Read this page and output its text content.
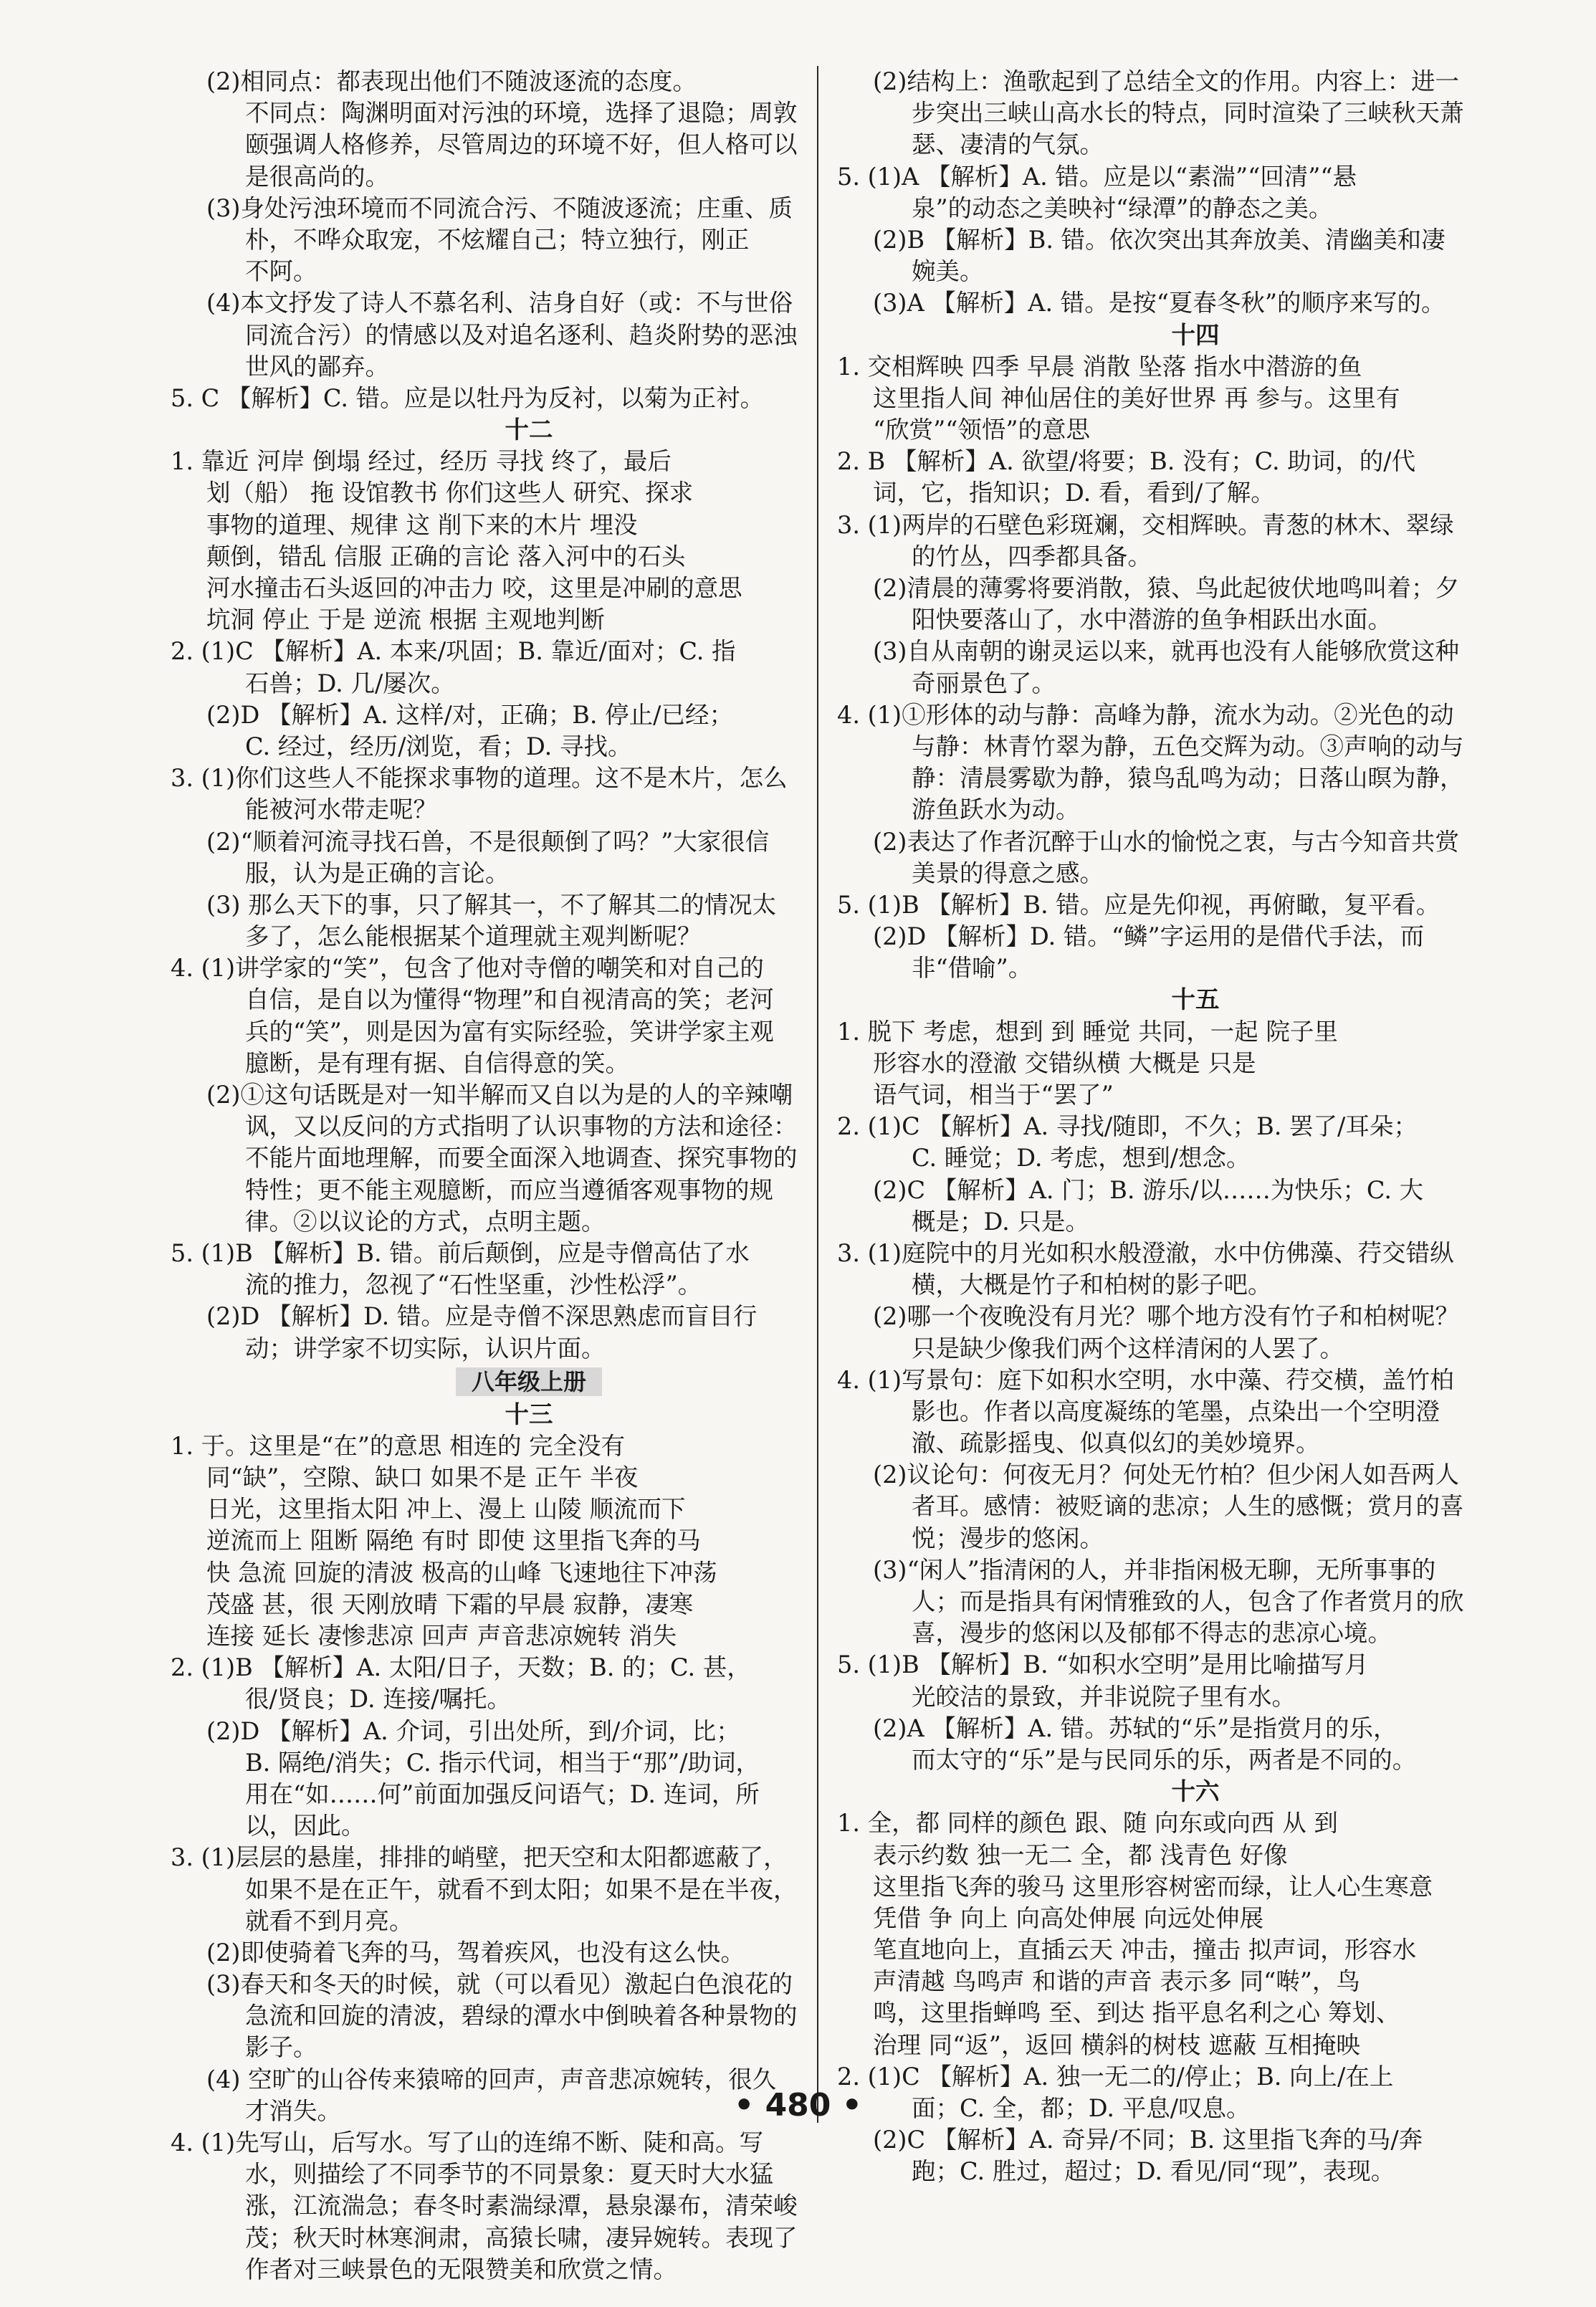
(2)相同点：都表现出他们不随波逐流的态度。
不同点：陶渊明面对污浊的环境，选择了退隐；周敦
颐强调人格修养，尽管周边的环境不好，但人格可以
是很高尚的。
(3)身处污浊环境而不同流合污、不随波逐流；庄重、质
朴，不哗众取宠，不炫耀自己；特立独行，刚正
不阿。
(4)本文抒发了诗人不慕名利、洁身自好（或：不与世俗
同流合污）的情感以及对追名逐利、趋炎附势的恶浊
世风的鄙弃。
5. C 【解析】C. 错。应是以牡丹为反衬，以菊为正衬。
十二
1. 靠近 河岸 倒塌 经过，经历 寻找 终了，最后
划（船） 拖 设馆教书 你们这些人 研究、探求
事物的道理、规律 这 削下来的木片 埋没
颠倒，错乱 信服 正确的言论 落入河中的石头
河水撞击石头返回的冲击力 咬，这里是冲刷的意思
坑洞 停止 于是 逆流 根据 主观地判断
2. (1)C 【解析】A. 本来/巩固；B. 靠近/面对；C. 指
石兽；D. 几/屡次。
(2)D 【解析】A. 这样/对，正确；B. 停止/已经；
C. 经过，经历/浏览，看；D. 寻找。
3. (1)你们这些人不能探求事物的道理。这不是木片，怎么
能被河水带走呢？
(2)“顺着河流寻找石兽，不是很颠倒了吗？”大家很信
服，认为是正确的言论。
(3) 那么天下的事，只了解其一，不了解其二的情况太
多了，怎么能根据某个道理就主观判断呢？
4. (1)讲学家的“笑”，包含了他对寺僧的嘲笑和对自己的
自信，是自以为懂得“物理”和自视清高的笑；老河
兵的“笑”，则是因为富有实际经验，笑讲学家主观
臆断，是有理有据、自信得意的笑。
(2)①这句话既是对一知半解而又自以为是的人的辛辣嘲
讽，又以反问的方式指明了认识事物的方法和途径：
不能片面地理解，而要全面深入地调查、探究事物的
特性；更不能主观臆断，而应当遵循客观事物的规
律。②以议论的方式，点明主题。
5. (1)B 【解析】B. 错。前后颠倒，应是寺僧高估了水
流的推力，忽视了“石性坚重，沙性松浮”。
(2)D 【解析】D. 错。应是寺僧不深思熟虑而盲目行
动；讲学家不切实际，认识片面。
八年级上册
十三
1. 于。这里是“在”的意思 相连的 完全没有
同“缺”，空隙、缺口 如果不是 正午 半夜
日光，这里指太阳 冲上、漫上 山陵 顺流而下
逆流而上 阻断 隔绝 有时 即使 这里指飞奔的马
快 急流 回旋的清波 极高的山峰 飞速地往下冲荡
茂盛 甚，很 天刚放晴 下霜的早晨 寂静，凄寒
连接 延长 凄惨悲凉 回声 声音悲凉婉转 消失
2. (1)B 【解析】A. 太阳/日子，天数；B. 的；C. 甚，
很/贤良；D. 连接/嘱托。
(2)D 【解析】A. 介词，引出处所，到/介词，比；
B. 隔绝/消失；C. 指示代词，相当于“那”/助词，
用在“如……何”前面加强反问语气；D. 连词，所
以，因此。
3. (1)层层的悬崖，排排的峭壁，把天空和太阳都遮蔽了，
如果不是在正午，就看不到太阳；如果不是在半夜，
就看不到月亮。
(2)即使骑着飞奔的马，驾着疾风，也没有这么快。
(3)春天和冬天的时候，就（可以看见）激起白色浪花的
急流和回旋的清波，碧绿的潭水中倒映着各种景物的
影子。
(4) 空旷的山谷传来猿啼的回声，声音悲凉婉转，很久
才消失。
4. (1)先写山，后写水。写了山的连绵不断、陡和高。写
水，则描绘了不同季节的不同景象：夏天时大水猛
涨，江流湍急；春冬时素湍绿潭，悬泉瀑布，清荣峻
茂；秋天时林寒涧肃，高猿长啸，凄异婉转。表现了
作者对三峡景色的无限赞美和欣赏之情。
(2)结构上：渔歌起到了总结全文的作用。内容上：进一
步突出三峡山高水长的特点，同时渲染了三峡秋天萧
瑟、凄清的气氛。
5. (1)A 【解析】A. 错。应是以“素湍”“回清”“悬
泉”的动态之美映衬“绿潭”的静态之美。
(2)B 【解析】B. 错。依次突出其奔放美、清幽美和凄
婉美。
(3)A 【解析】A. 错。是按“夏春冬秋”的顺序来写的。
十四
1. 交相辉映 四季 早晨 消散 坠落 指水中潜游的鱼
这里指人间 神仙居住的美好世界 再 参与。这里有
“欣赏”“领悟”的意思
2. B 【解析】A. 欲望/将要；B. 没有；C. 助词，的/代
词，它，指知识；D. 看，看到/了解。
3. (1)两岸的石壁色彩斑斓，交相辉映。青葱的林木、翠绿
的竹丛，四季都具备。
(2)清晨的薄雾将要消散，猿、鸟此起彼伏地鸣叫着；夕
阳快要落山了，水中潜游的鱼争相跃出水面。
(3)自从南朝的谢灵运以来，就再也没有人能够欣赏这种
奇丽景色了。
4. (1)①形体的动与静：高峰为静，流水为动。②光色的动
与静：林青竹翠为静，五色交辉为动。③声响的动与
静：清晨雾歇为静，猿鸟乱鸣为动；日落山暝为静，
游鱼跃水为动。
(2)表达了作者沉醉于山水的愉悦之衷，与古今知音共赏
美景的得意之感。
5. (1)B 【解析】B. 错。应是先仰视，再俯瞰，复平看。
(2)D 【解析】D. 错。“鳞”字运用的是借代手法，而
非“借喻”。
十五
1. 脱下 考虑，想到 到 睡觉 共同，一起 院子里
形容水的澄澈 交错纵横 大概是 只是
语气词，相当于“罢了”
2. (1)C 【解析】A. 寻找/随即，不久；B. 罢了/耳朵；
C. 睡觉；D. 考虑，想到/想念。
(2)C 【解析】A. 门；B. 游乐/以……为快乐；C. 大
概是；D. 只是。
3. (1)庭院中的月光如积水般澄澈，水中仿佛藻、荇交错纵
横，大概是竹子和柏树的影子吧。
(2)哪一个夜晚没有月光？哪个地方没有竹子和柏树呢？
只是缺少像我们两个这样清闲的人罢了。
4. (1)写景句：庭下如积水空明，水中藻、荇交横，盖竹柏
影也。作者以高度凝练的笔墨，点染出一个空明澄
澈、疏影摇曳、似真似幻的美妙境界。
(2)议论句：何夜无月？何处无竹柏？但少闲人如吾两人
者耳。感情：被贬谪的悲凉；人生的感慨；赏月的喜
悦；漫步的悠闲。
(3)“闲人”指清闲的人，并非指闲极无聊，无所事事的
人；而是指具有闲情雅致的人，包含了作者赏月的欣
喜，漫步的悠闲以及郁郁不得志的悲凉心境。
5. (1)B 【解析】B. “如积水空明”是用比喻描写月
光皎洁的景致，并非说院子里有水。
(2)A 【解析】A. 错。苏轼的“乐”是指赏月的乐，
而太守的“乐”是与民同乐的乐，两者是不同的。
十六
1. 全，都 同样的颜色 跟、随 向东或向西 从 到
表示约数 独一无二 全，都 浅青色 好像
这里指飞奔的骏马 这里形容树密而绿，让人心生寒意
凭借 争 向上 向高处伸展 向远处伸展
笔直地向上，直插云天 冲击，撞击 拟声词，形容水
声清越 鸟鸣声 和谐的声音 表示多 同“啭”，鸟
鸣，这里指蝉鸣 至、到达 指平息名利之心 筹划、
治理 同“返”，返回 横斜的树枝 遮蔽 互相掩映
2. (1)C 【解析】A. 独一无二的/停止；B. 向上/在上
面；C. 全，都；D. 平息/叹息。
(2)C 【解析】A. 奇异/不同；B. 这里指飞奔的马/奔
跑；C. 胜过，超过；D. 看见/同“现”，表现。
• 480 •
